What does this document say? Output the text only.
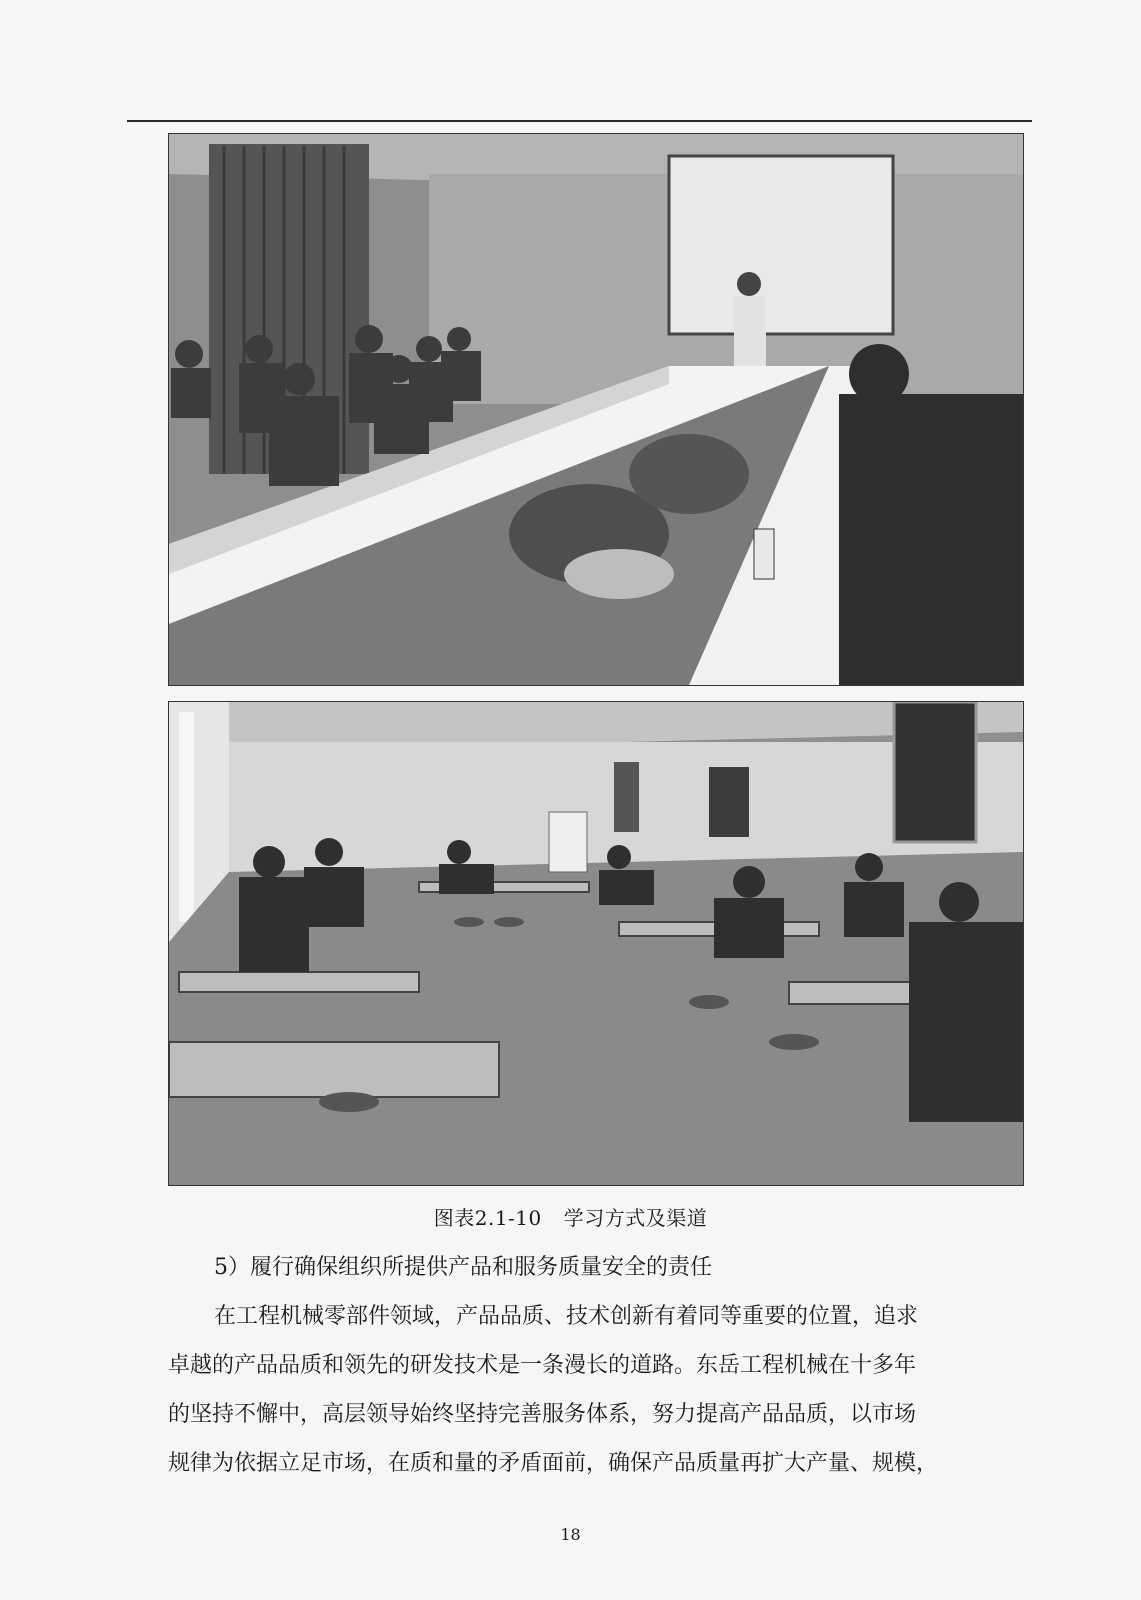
图表2.1-10 学习方式及渠道
5）履行确保组织所提供产品和服务质量安全的责任
在工程机械零部件领域，产品品质、技术创新有着同等重要的位置，追求
卓越的产品品质和领先的研发技术是一条漫长的道路。东岳工程机械在十多年
的坚持不懈中，高层领导始终坚持完善服务体系，努力提高产品品质，以市场
规律为依据立足市场，在质和量的矛盾面前，确保产品质量再扩大产量、规模，
18
